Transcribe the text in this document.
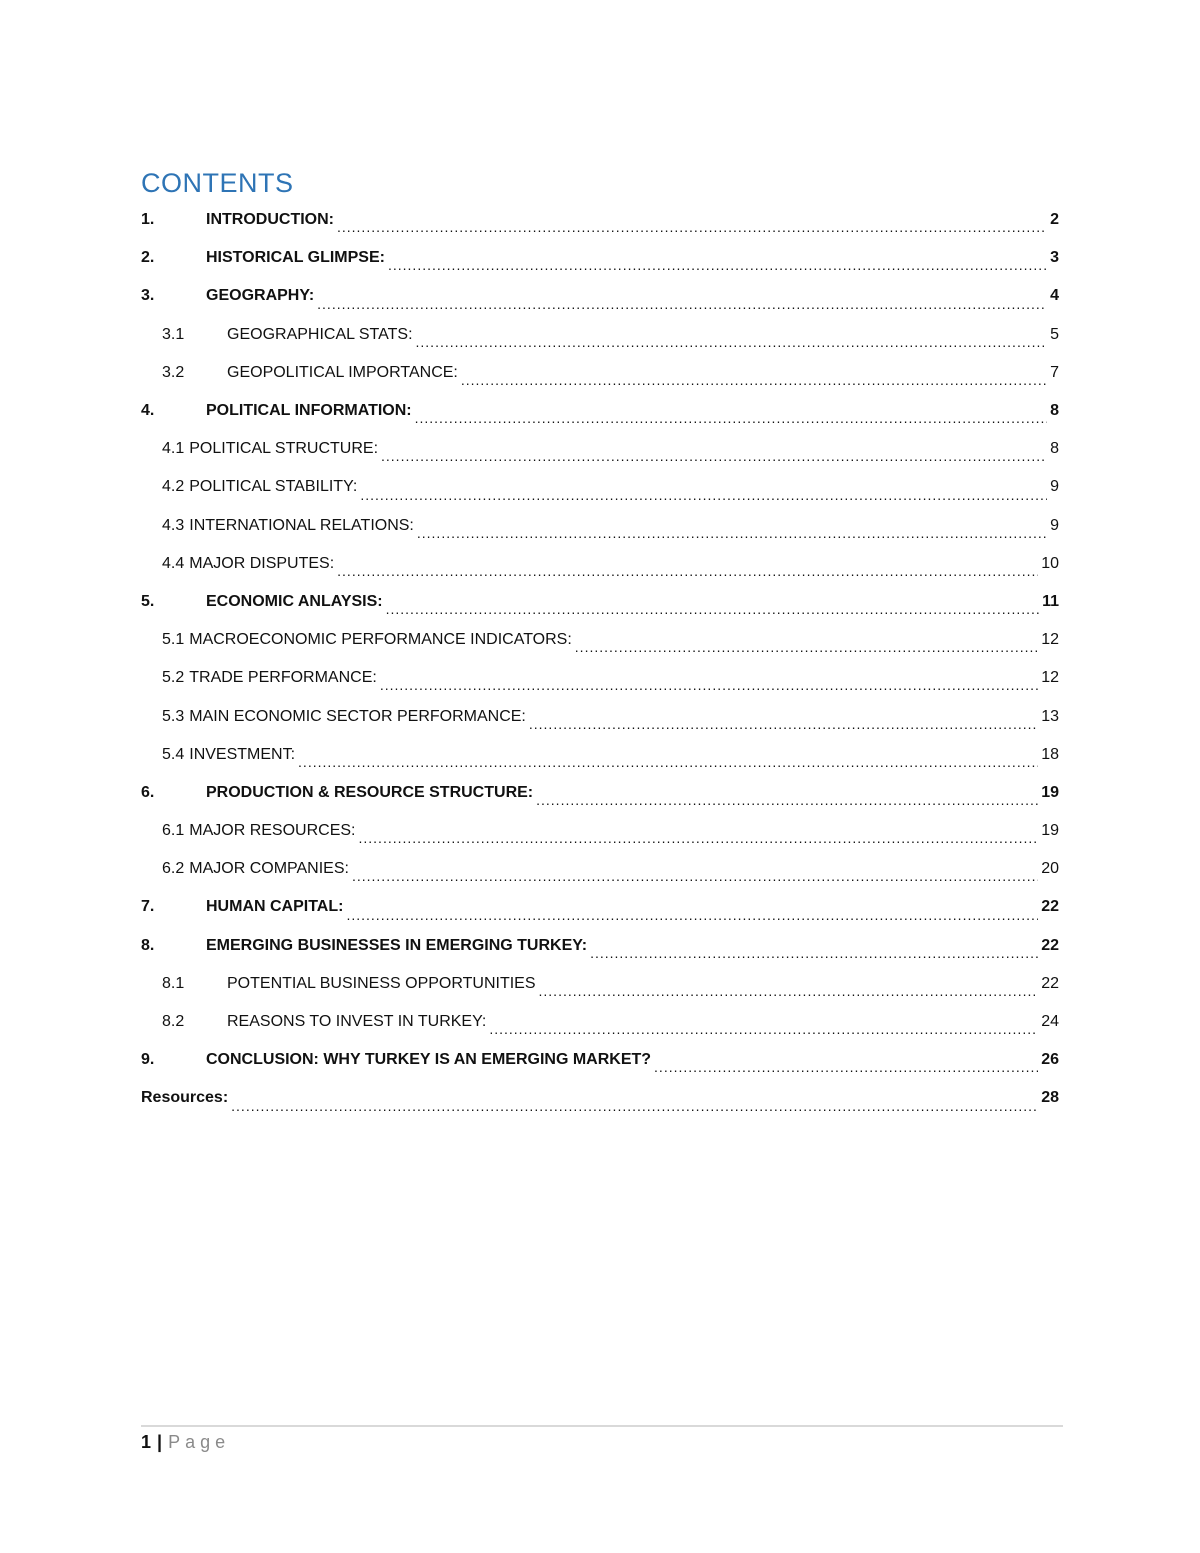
CONTENTS
1.	INTRODUCTION: .....	2
2.	HISTORICAL GLIMPSE: .....	3
3.	GEOGRAPHY: .....	4
3.1	GEOGRAPHICAL STATS: .....	5
3.2	GEOPOLITICAL IMPORTANCE: .....	7
4.	POLITICAL INFORMATION: .....	8
4.1 POLITICAL STRUCTURE: .....	8
4.2 POLITICAL STABILITY: .....	9
4.3 INTERNATIONAL RELATIONS: .....	9
4.4 MAJOR DISPUTES: .....	10
5.	ECONOMIC ANLAYSIS: .....	11
5.1 MACROECONOMIC PERFORMANCE INDICATORS: .....	12
5.2 TRADE PERFORMANCE: .....	12
5.3 MAIN ECONOMIC SECTOR PERFORMANCE: .....	13
5.4 INVESTMENT: .....	18
6.	PRODUCTION & RESOURCE STRUCTURE: .....	19
6.1 MAJOR RESOURCES: .....	19
6.2 MAJOR COMPANIES: .....	20
7.	HUMAN CAPITAL: .....	22
8.	EMERGING BUSINESSES IN EMERGING TURKEY: .....	22
8.1	POTENTIAL BUSINESS OPPORTUNITIES .....	22
8.2	REASONS TO INVEST IN TURKEY: .....	24
9.	CONCLUSION: WHY TURKEY IS AN EMERGING MARKET? .....	26
Resources: .....	28
1 | Page
